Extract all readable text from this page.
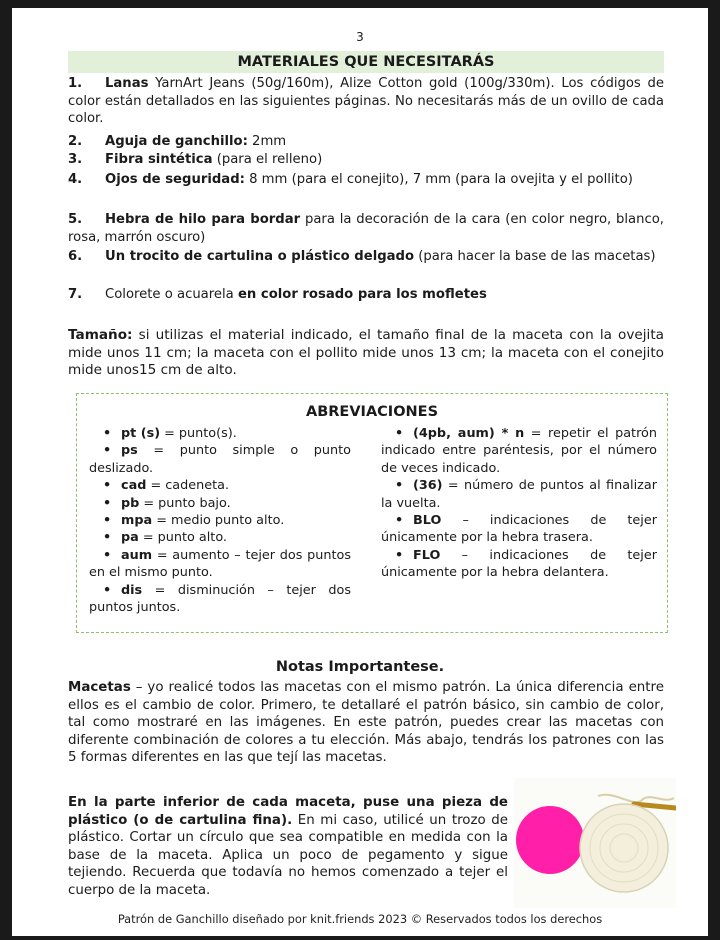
3
MATERIALES QUE NECESITARÁS
1. Lanas YarnArt Jeans (50g/160m), Alize Cotton gold (100g/330m). Los códigos de color están detallados en las siguientes páginas. No necesitarás más de un ovillo de cada color.
2. Aguja de ganchillo: 2mm
3. Fibra sintética (para el relleno)
4. Ojos de seguridad: 8 mm (para el conejito), 7 mm (para la ovejita y el pollito)
5. Hebra de hilo para bordar para la decoración de la cara (en color negro, blanco, rosa, marrón oscuro)
6. Un trocito de cartulina o plástico delgado (para hacer la base de las macetas)
7. Colorete o acuarela en color rosado para los mofletes
Tamaño: si utilizas el material indicado, el tamaño final de la maceta con la ovejita mide unos 11 cm; la maceta con el pollito mide unos 13 cm; la maceta con el conejito mide unos15 cm de alto.
ABREVIACIONES
• pt (s) = punto(s).
• ps = punto simple o punto deslizado.
• cad = cadeneta.
• pb = punto bajo.
• mpa = medio punto alto.
• pa = punto alto.
• aum = aumento – tejer dos puntos en el mismo punto.
• dis = disminución – tejer dos puntos juntos.
• (4pb, aum) * n = repetir el patrón indicado entre paréntesis, por el número de veces indicado.
• (36) = número de puntos al finalizar la vuelta.
• BLO – indicaciones de tejer únicamente por la hebra trasera.
• FLO – indicaciones de tejer únicamente por la hebra delantera.
Notas Importantese.
Macetas – yo realicé todos las macetas con el mismo patrón. La única diferencia entre ellos es el cambio de color. Primero, te detallaré el patrón básico, sin cambio de color, tal como mostraré en las imágenes. En este patrón, puedes crear las macetas con diferente combinación de colores a tu elección. Más abajo, tendrás los patrones con las 5 formas diferentes en las que tejí las macetas.
En la parte inferior de cada maceta, puse una pieza de plástico (o de cartulina fina). En mi caso, utilicé un trozo de plástico. Cortar un círculo que sea compatible en medida con la base de la maceta. Aplica un poco de pegamento y sigue tejiendo. Recuerda que todavía no hemos comenzado a tejer el cuerpo de la maceta.
Patrón de Ganchillo diseñado por knit.friends 2023 © Reservados todos los derechos
